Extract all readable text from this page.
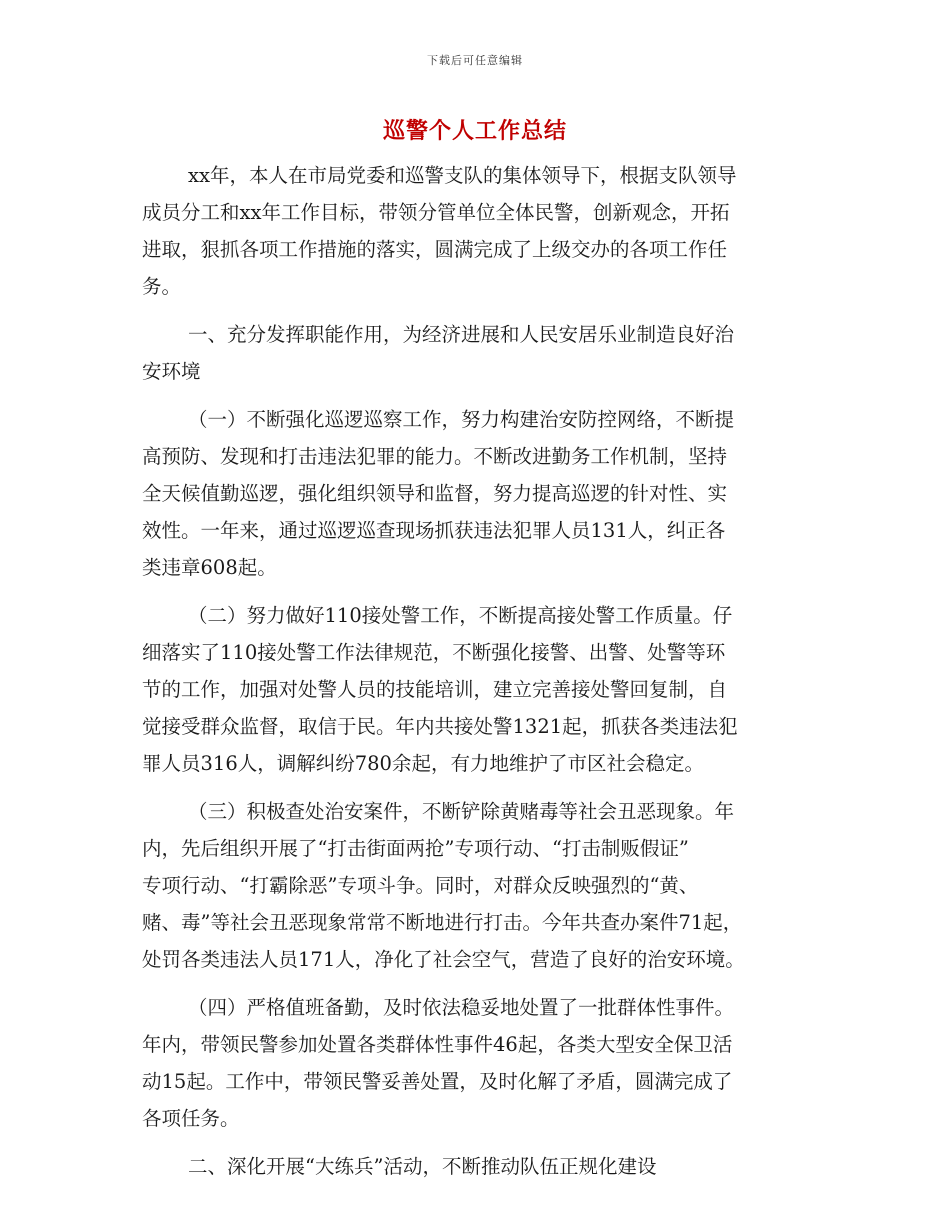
下载后可任意编辑
巡警个人工作总结
xx年，本人在市局党委和巡警支队的集体领导下，根据支队领导
成员分工和xx年工作目标，带领分管单位全体民警，创新观念，开拓
进取，狠抓各项工作措施的落实，圆满完成了上级交办的各项工作任
务。
一、充分发挥职能作用，为经济进展和人民安居乐业制造良好治
安环境
（一）不断强化巡逻巡察工作，努力构建治安防控网络，不断提
高预防、发现和打击违法犯罪的能力。不断改进勤务工作机制，坚持
全天候值勤巡逻，强化组织领导和监督，努力提高巡逻的针对性、实
效性。一年来，通过巡逻巡查现场抓获违法犯罪人员131人，纠正各
类违章608起。
（二）努力做好110接处警工作，不断提高接处警工作质量。仔
细落实了110接处警工作法律规范，不断强化接警、出警、处警等环
节的工作，加强对处警人员的技能培训，建立完善接处警回复制，自
觉接受群众监督，取信于民。年内共接处警1321起，抓获各类违法犯
罪人员316人，调解纠纷780余起，有力地维护了市区社会稳定。
（三）积极查处治安案件，不断铲除黄赌毒等社会丑恶现象。年
内，先后组织开展了“打击街面两抢”专项行动、“打击制贩假证”
专项行动、“打霸除恶”专项斗争。同时，对群众反映强烈的“黄、
赌、毒”等社会丑恶现象常常不断地进行打击。今年共查办案件71起，
处罚各类违法人员171人，净化了社会空气，营造了良好的治安环境。
（四）严格值班备勤，及时依法稳妥地处置了一批群体性事件。
年内，带领民警参加处置各类群体性事件46起，各类大型安全保卫活
动15起。工作中，带领民警妥善处置，及时化解了矛盾，圆满完成了
各项任务。
二、深化开展“大练兵”活动，不断推动队伍正规化建设
